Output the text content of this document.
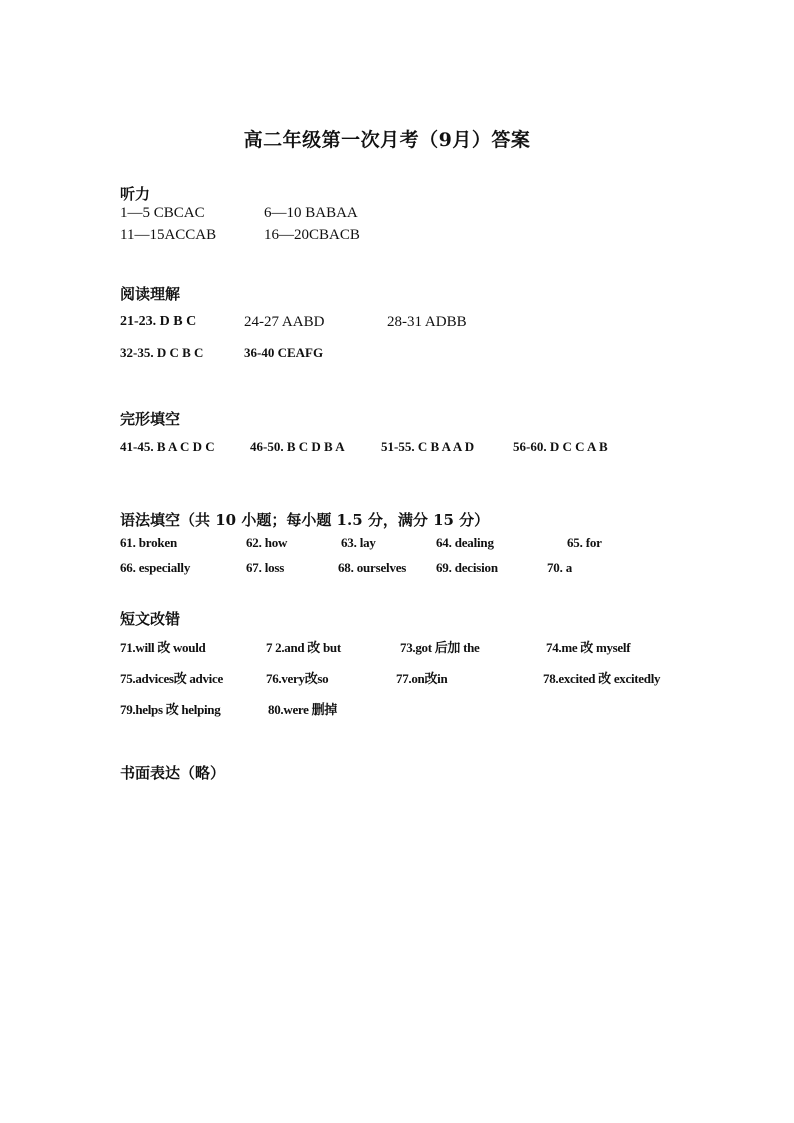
高二年级第一次月考（9月）答案
听力
1—5 CBCAC	6—10 BABAA
11—15ACCAB	16—20CBACB
阅读理解
21-23. D B C	24-27 AABD	28-31 ADBB
32-35. D C B C	36-40 CEAFG
完形填空
41-45. B A C D C	46-50. B C D B A	51-55. C B A A D	56-60. D C C A B
语法填空（共 10 小题；每小题 1.5 分，满分 15 分）
61. broken	62. how	63. lay	64. dealing	65. for
66. especially	67. loss	68. ourselves 69. decision	70. a
短文改错
71.will 改 would	7 2.and 改 but	73.got 后加 the	74.me 改 myself
75.advices改 advice	76.very改so	77.on改in	78.excited 改 excitedly
79.helps 改 helping	80.were 删掉
书面表达（略）
